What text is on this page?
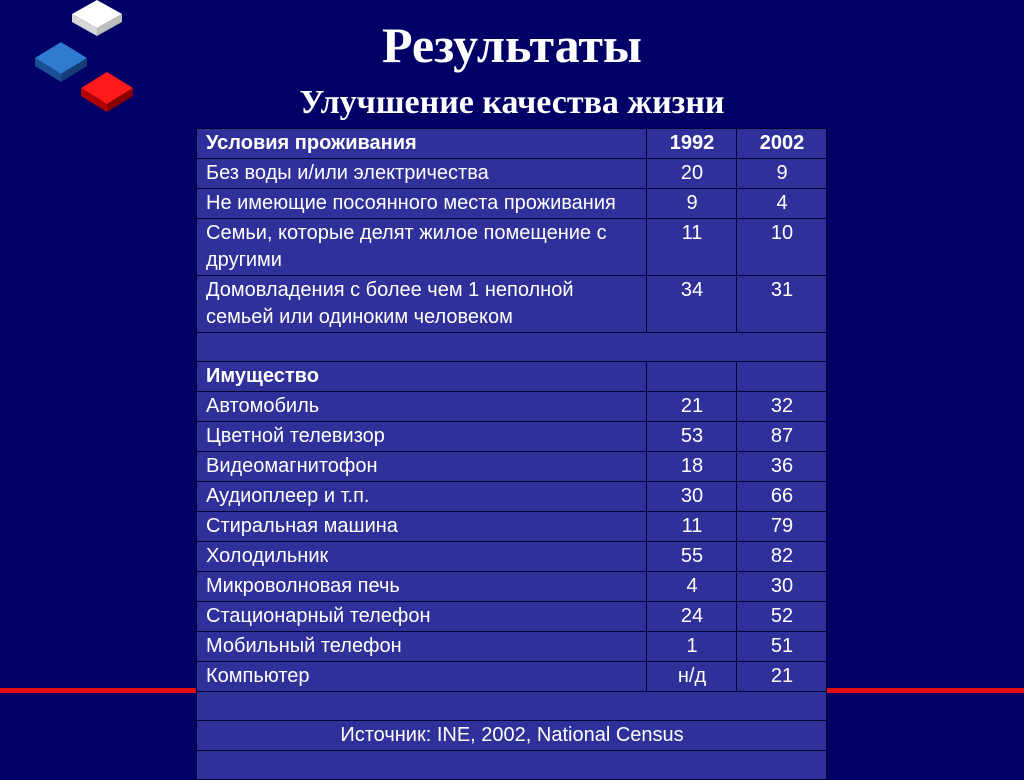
Результаты
Улучшение качества жизни
Условия проживания	1992	2002
Без воды и/или электричества	20	9
Не имеющие посоянного места проживания	9	4
Семьи, которые делят жилое помещение с другими	11	10
Домовладения с более чем 1 неполной семьей или одиноким человеком	34	31

Имущество		
Автомобиль	21	32
Цветной телевизор	53	87
Видеомагнитофон	18	36
Аудиоплеер и т.п.	30	66
Стиральная машина	11	79
Холодильник	55	82
Микроволновая печь	4	30
Стационарный телефон	24	52
Мобильный телефон	1	51
Компьютер	н/д	21

Источник: INE, 2002, National Census		
